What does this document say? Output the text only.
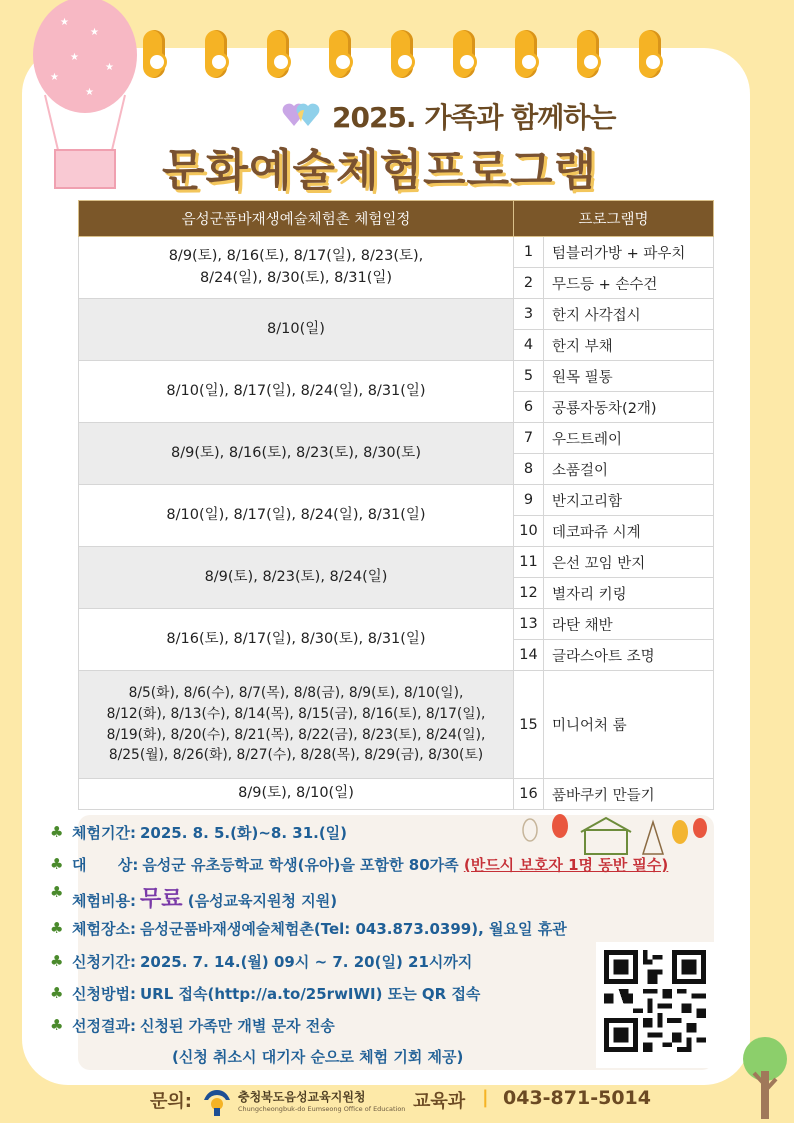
★
★
★
★
★
★
2025. 가족과 함께하는
문화예술체험프로그램
음성군품바재생예술체험촌 체험일정	프로그램명	
8/9(토), 8/16(토), 8/17(일), 8/23(토),
8/24(일), 8/30(토), 8/31(일)	1	텀블러가방 + 파우치
	2	무드등 + 손수건
8/10(일)	3	한지 사각접시
	4	한지 부채
8/10(일), 8/17(일), 8/24(일), 8/31(일)	5	원목 필통
	6	공룡자동차(2개)
8/9(토), 8/16(토), 8/23(토), 8/30(토)	7	우드트레이
	8	소품걸이
8/10(일), 8/17(일), 8/24(일), 8/31(일)	9	반지고리함
	10	데코파쥬 시계
8/9(토), 8/23(토), 8/24(일)	11	은선 꼬임 반지
	12	별자리 키링
8/16(토), 8/17(일), 8/30(토), 8/31(일)	13	라탄 채반
	14	글라스아트 조명
8/5(화), 8/6(수), 8/7(목), 8/8(금), 8/9(토), 8/10(일),
8/12(화), 8/13(수), 8/14(목), 8/15(금), 8/16(토), 8/17(일),
8/19(화), 8/20(수), 8/21(목), 8/22(금), 8/23(토), 8/24(일),
8/25(월), 8/26(화), 8/27(수), 8/28(목), 8/29(금), 8/30(토)	15	미니어처 룸
8/9(토), 8/10(일)	16	품바쿠키 만들기
♣ 체험기간: 2025. 8. 5.(화)~8. 31.(일)
♣ 대      상: 음성군 유초등학교 학생(유아)을 포함한 80가족 (반드시 보호자 1명 동반 필수)
♣ 체험비용: 무료 (음성교육지원청 지원)
♣ 체험장소: 음성군품바재생예술체험촌(Tel: 043.873.0399), 월요일 휴관
♣ 신청기간: 2025. 7. 14.(월) 09시 ~ 7. 20(일) 21시까지
♣ 신청방법: URL 접속(http://a.to/25rwIWI) 또는 QR 접속
♣ 선정결과: 신청된 가족만 개별 문자 전송
(신청 취소시 대기자 순으로 체험 기회 제공)
문의:	충청북도음성교육지원청
Chungcheongbuk-do Eumseong Office of Education 교육과 | 043-871-5014
